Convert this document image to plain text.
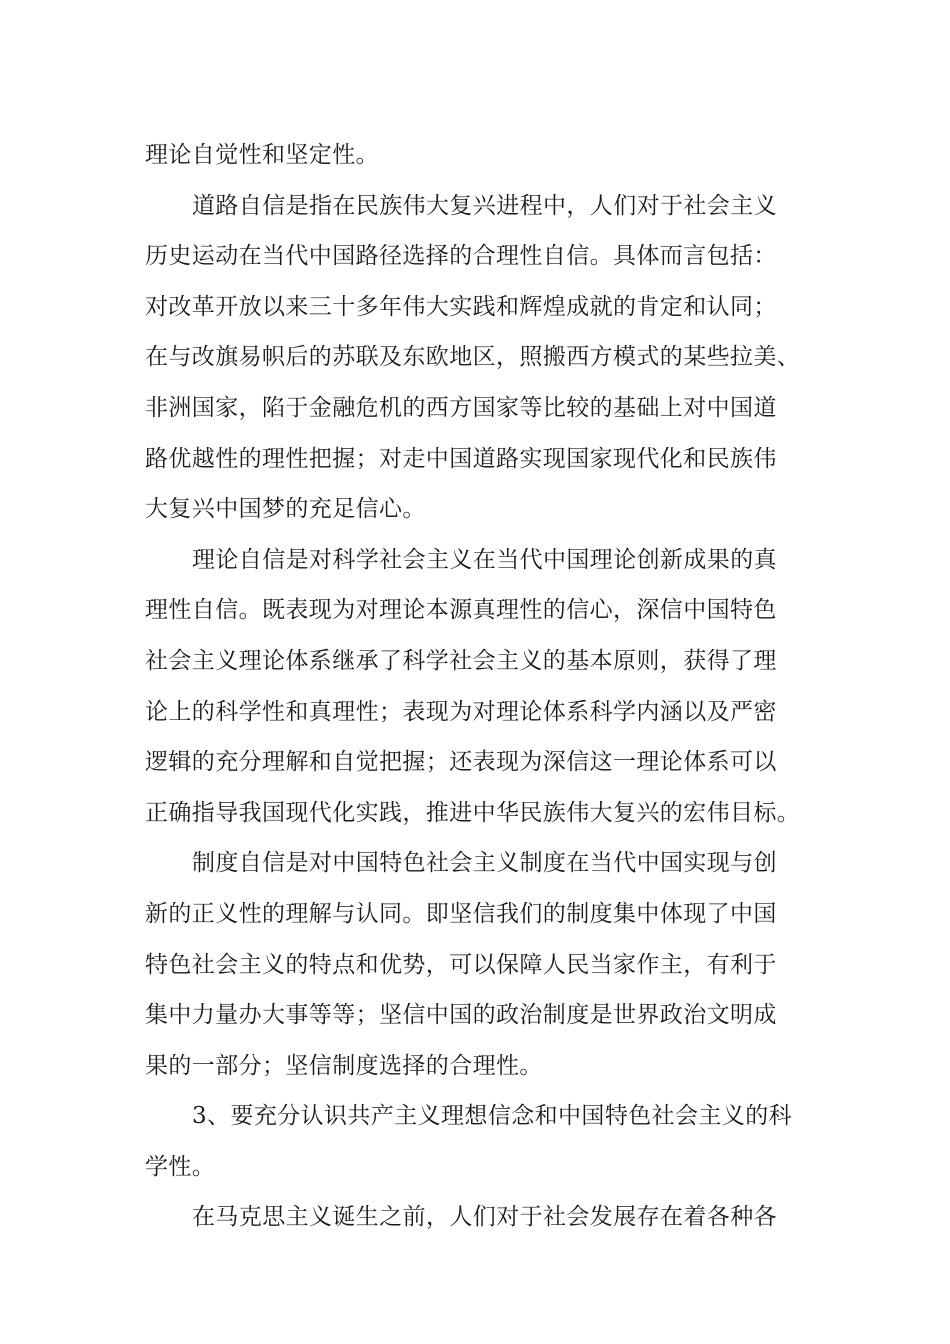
理论自觉性和坚定性。
道路自信是指在民族伟大复兴进程中，人们对于社会主义
历史运动在当代中国路径选择的合理性自信。具体而言包括：
对改革开放以来三十多年伟大实践和辉煌成就的肯定和认同；
在与改旗易帜后的苏联及东欧地区，照搬西方模式的某些拉美、
非洲国家，陷于金融危机的西方国家等比较的基础上对中国道
路优越性的理性把握；对走中国道路实现国家现代化和民族伟
大复兴中国梦的充足信心。
理论自信是对科学社会主义在当代中国理论创新成果的真
理性自信。既表现为对理论本源真理性的信心，深信中国特色
社会主义理论体系继承了科学社会主义的基本原则，获得了理
论上的科学性和真理性；表现为对理论体系科学内涵以及严密
逻辑的充分理解和自觉把握；还表现为深信这一理论体系可以
正确指导我国现代化实践，推进中华民族伟大复兴的宏伟目标。
制度自信是对中国特色社会主义制度在当代中国实现与创
新的正义性的理解与认同。即坚信我们的制度集中体现了中国
特色社会主义的特点和优势，可以保障人民当家作主，有利于
集中力量办大事等等；坚信中国的政治制度是世界政治文明成
果的一部分；坚信制度选择的合理性。
3、要充分认识共产主义理想信念和中国特色社会主义的科
学性。
在马克思主义诞生之前，人们对于社会发展存在着各种各
